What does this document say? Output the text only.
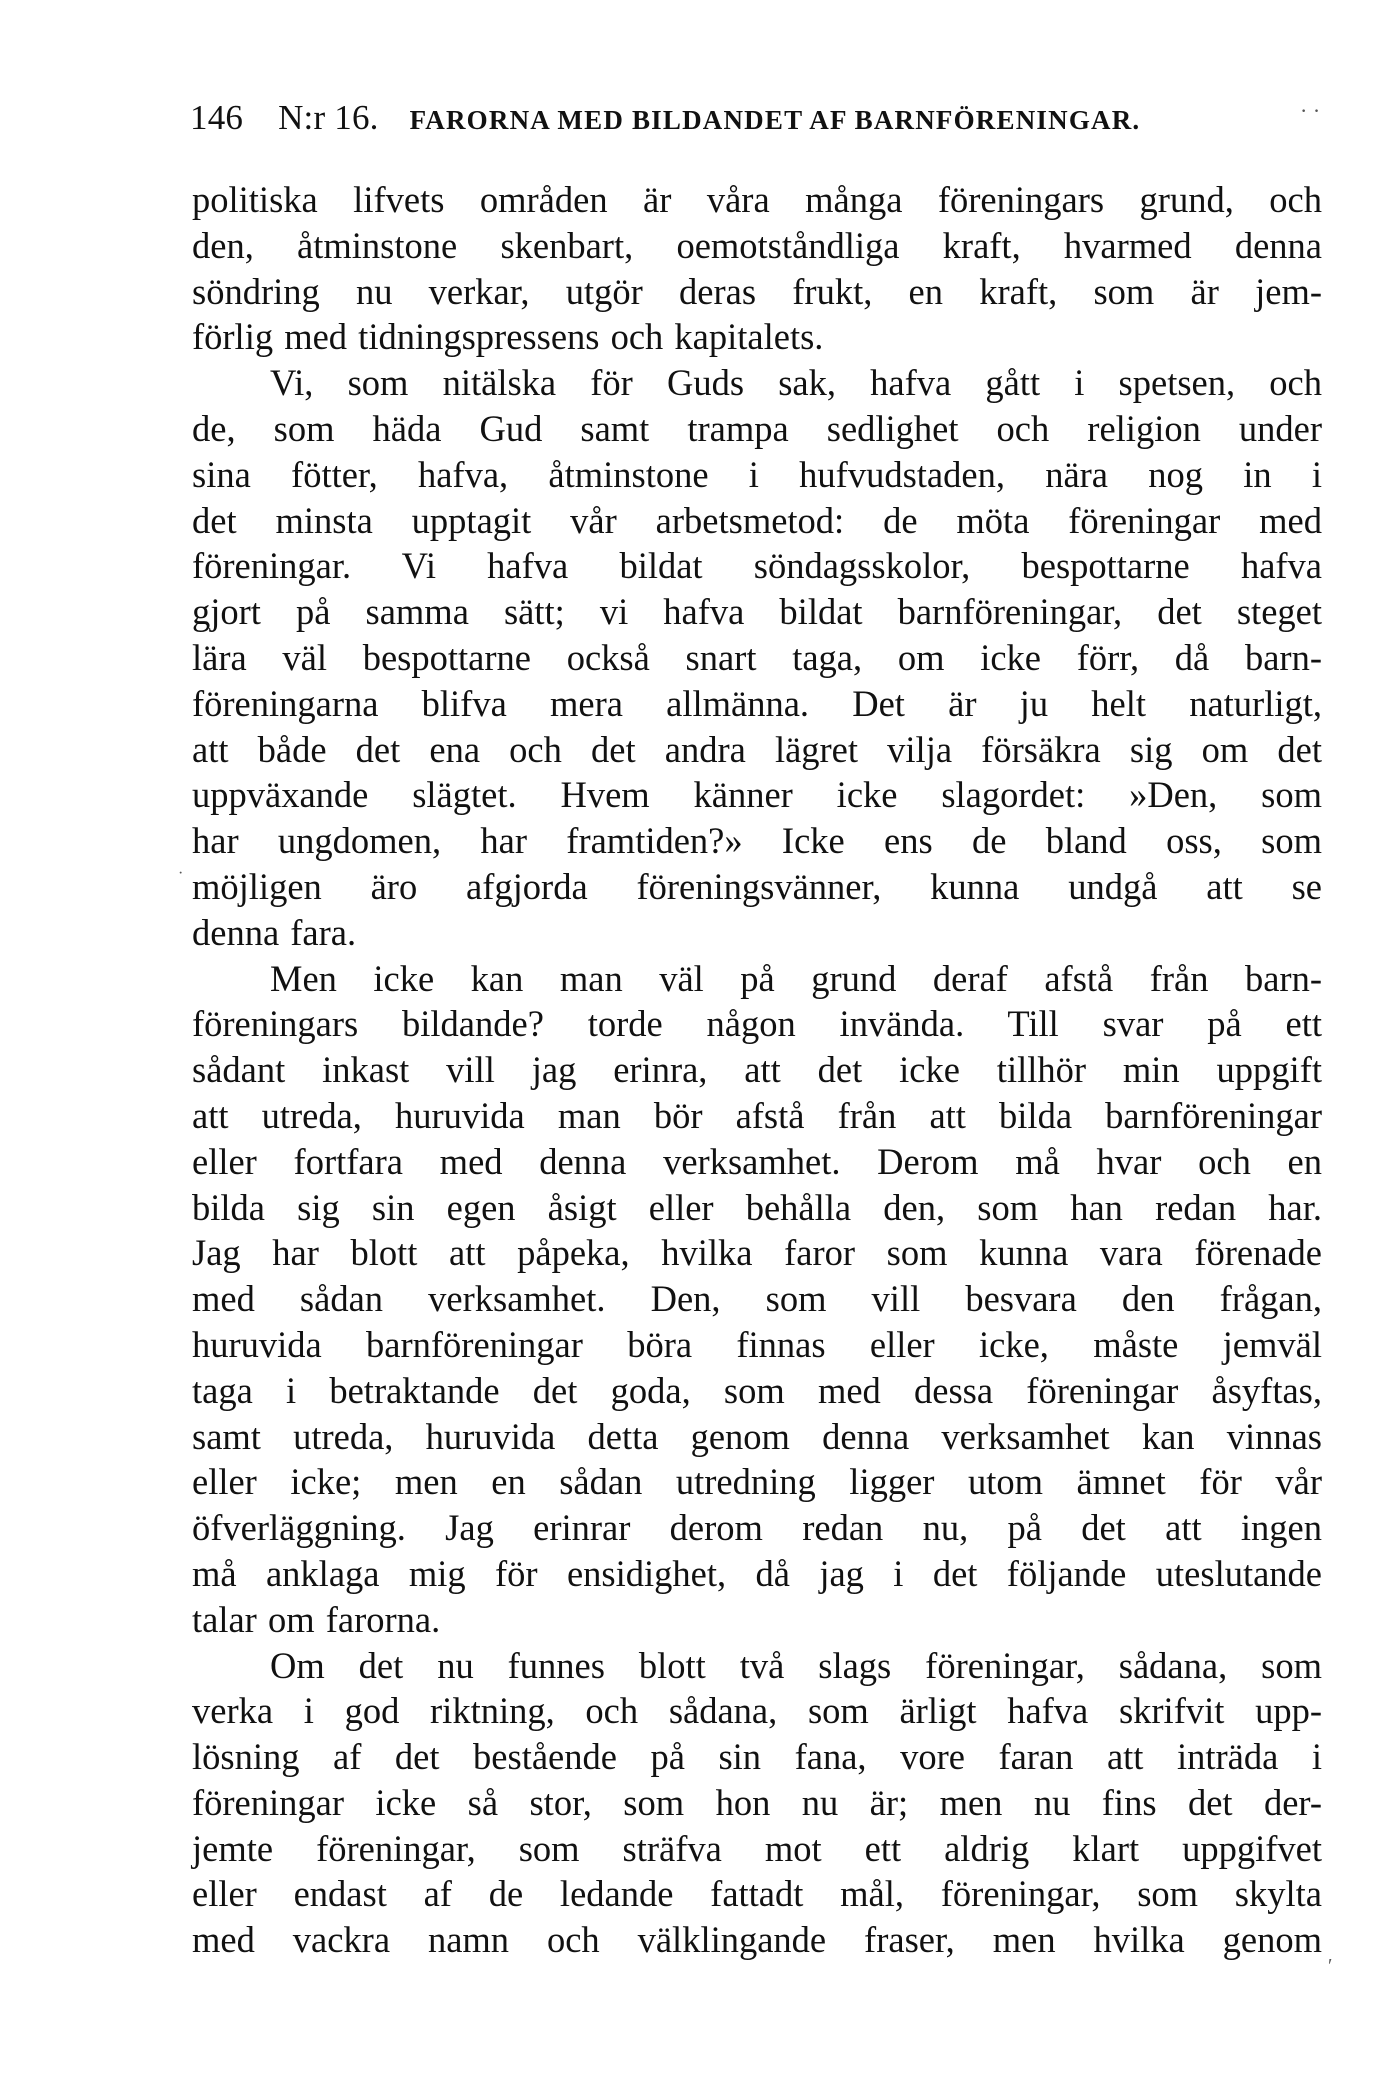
146 N:r 16. FARORNA MED BILDANDET AF BARNFÖRENINGAR.	· ·
·
′
politiska lifvets områden är våra många föreningars grund, och
den, åtminstone skenbart, oemotståndliga kraft, hvarmed denna
söndring nu verkar, utgör deras frukt, en kraft, som är jem-
förlig med tidningspressens och kapitalets.
Vi, som nitälska för Guds sak, hafva gått i spetsen, och
de, som häda Gud samt trampa sedlighet och religion under
sina fötter, hafva, åtminstone i hufvudstaden, nära nog in i
det minsta upptagit vår arbetsmetod: de möta föreningar med
föreningar. Vi hafva bildat söndagsskolor, bespottarne hafva
gjort på samma sätt; vi hafva bildat barnföreningar, det steget
lära väl bespottarne också snart taga, om icke förr, då barn-
föreningarna blifva mera allmänna. Det är ju helt naturligt,
att både det ena och det andra lägret vilja försäkra sig om det
uppväxande slägtet. Hvem känner icke slagordet: »Den, som
har ungdomen, har framtiden?» Icke ens de bland oss, som
möjligen äro afgjorda föreningsvänner, kunna undgå att se
denna fara.
Men icke kan man väl på grund deraf afstå från barn-
föreningars bildande? torde någon invända. Till svar på ett
sådant inkast vill jag erinra, att det icke tillhör min uppgift
att utreda, huruvida man bör afstå från att bilda barnföreningar
eller fortfara med denna verksamhet. Derom må hvar och en
bilda sig sin egen åsigt eller behålla den, som han redan har.
Jag har blott att påpeka, hvilka faror som kunna vara förenade
med sådan verksamhet. Den, som vill besvara den frågan,
huruvida barnföreningar böra finnas eller icke, måste jemväl
taga i betraktande det goda, som med dessa föreningar åsyftas,
samt utreda, huruvida detta genom denna verksamhet kan vinnas
eller icke; men en sådan utredning ligger utom ämnet för vår
öfverläggning. Jag erinrar derom redan nu, på det att ingen
må anklaga mig för ensidighet, då jag i det följande uteslutande
talar om farorna.
Om det nu funnes blott två slags föreningar, sådana, som
verka i god riktning, och sådana, som ärligt hafva skrifvit upp-
lösning af det bestående på sin fana, vore faran att inträda i
föreningar icke så stor, som hon nu är; men nu fins det der-
jemte föreningar, som sträfva mot ett aldrig klart uppgifvet
eller endast af de ledande fattadt mål, föreningar, som skylta
med vackra namn och välklingande fraser, men hvilka genom
